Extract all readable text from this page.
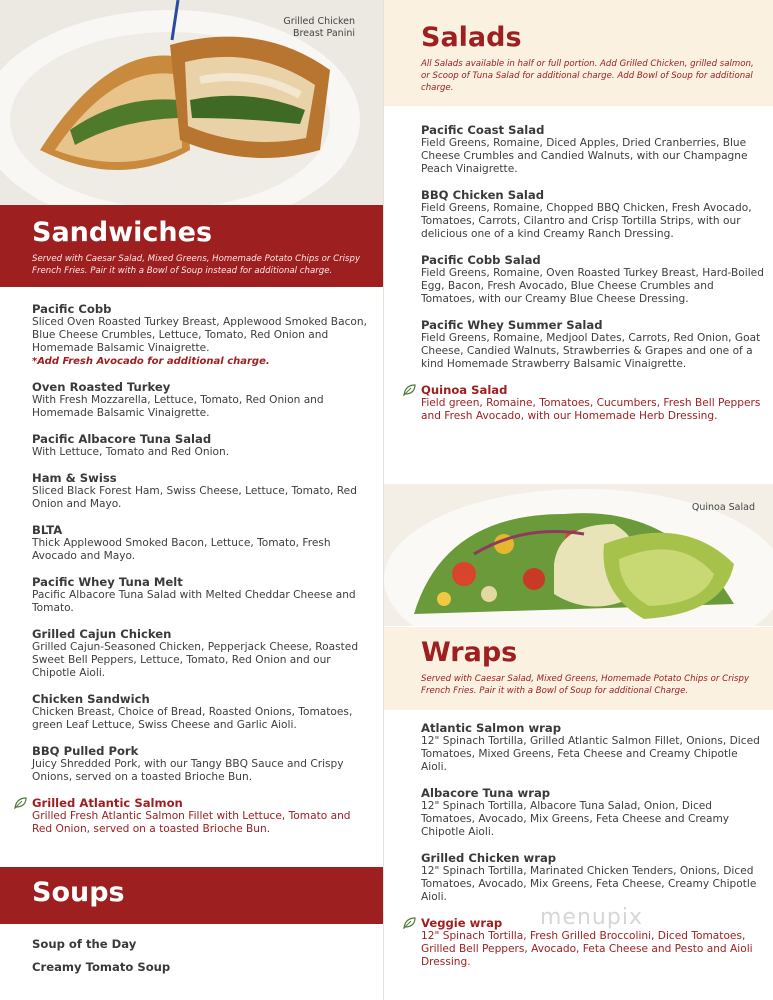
Grilled Chicken
Breast Panini
Sandwiches
Served with Caesar Salad, Mixed Greens, Homemade Potato Chips or Crispy French Fries. Pair it with a Bowl of Soup instead for additional charge.
Pacific Cobb
Sliced Oven Roasted Turkey Breast, Applewood Smoked Bacon, Blue Cheese Crumbles, Lettuce, Tomato, Red Onion and Homemade Balsamic Vinaigrette.
*Add Fresh Avocado for additional charge.
Oven Roasted Turkey
With Fresh Mozzarella, Lettuce, Tomato, Red Onion and Homemade Balsamic Vinaigrette.
Pacific Albacore Tuna Salad
With Lettuce, Tomato and Red Onion.
Ham & Swiss
Sliced Black Forest Ham, Swiss Cheese, Lettuce, Tomato, Red Onion and Mayo.
BLTA
Thick Applewood Smoked Bacon, Lettuce, Tomato, Fresh Avocado and Mayo.
Pacific Whey Tuna Melt
Pacific Albacore Tuna Salad with Melted Cheddar Cheese and Tomato.
Grilled Cajun Chicken
Grilled Cajun-Seasoned Chicken, Pepperjack Cheese, Roasted Sweet Bell Peppers, Lettuce, Tomato, Red Onion and our Chipotle Aioli.
Chicken Sandwich
Chicken Breast, Choice of Bread, Roasted Onions, Tomatoes, green Leaf Lettuce, Swiss Cheese and Garlic Aioli.
BBQ Pulled Pork
Juicy Shredded Pork, with our Tangy BBQ Sauce and Crispy Onions, served on a toasted Brioche Bun.
Grilled Atlantic Salmon
Grilled Fresh Atlantic Salmon Fillet with Lettuce, Tomato and Red Onion, served on a toasted Brioche Bun.
Soups
Soup of the Day
Creamy Tomato Soup
Salads
All Salads available in half or full portion. Add Grilled Chicken, grilled salmon, or Scoop of Tuna Salad for additional charge. Add Bowl of Soup for additional charge.
Pacific Coast Salad
Field Greens, Romaine, Diced Apples, Dried Cranberries, Blue Cheese Crumbles and Candied Walnuts, with our Champagne Peach Vinaigrette.
BBQ Chicken Salad
Field Greens, Romaine, Chopped BBQ Chicken, Fresh Avocado, Tomatoes, Carrots, Cilantro and Crisp Tortilla Strips, with our delicious one of a kind Creamy Ranch Dressing.
Pacific Cobb Salad
Field Greens, Romaine, Oven Roasted Turkey Breast, Hard-Boiled Egg, Bacon, Fresh Avocado, Blue Cheese Crumbles and Tomatoes, with our Creamy Blue Cheese Dressing.
Pacific Whey Summer Salad
Field Greens, Romaine, Medjool Dates, Carrots, Red Onion, Goat Cheese, Candied Walnuts, Strawberries & Grapes and one of a kind Homemade Strawberry Balsamic Vinaigrette.
Quinoa Salad
Field green, Romaine, Tomatoes, Cucumbers, Fresh Bell Peppers and Fresh Avocado, with our Homemade Herb Dressing.
Quinoa Salad
Wraps
Served with Caesar Salad, Mixed Greens, Homemade Potato Chips or Crispy French Fries. Pair it with a Bowl of Soup for additional Charge.
Atlantic Salmon wrap
12" Spinach Tortilla, Grilled Atlantic Salmon Fillet, Onions, Diced Tomatoes, Mixed Greens, Feta Cheese and Creamy Chipotle Aioli.
Albacore Tuna wrap
12" Spinach Tortilla, Albacore Tuna Salad, Onion, Diced Tomatoes, Avocado, Mix Greens, Feta Cheese and Creamy Chipotle Aioli.
Grilled Chicken wrap
12" Spinach Tortilla, Marinated Chicken Tenders, Onions, Diced Tomatoes, Avocado, Mix Greens, Feta Cheese, Creamy Chipotle Aioli.
Veggie wrap
12" Spinach Tortilla, Fresh Grilled Broccolini, Diced Tomatoes, Grilled Bell Peppers, Avocado, Feta Cheese and Pesto and Aioli Dressing.
menupix
